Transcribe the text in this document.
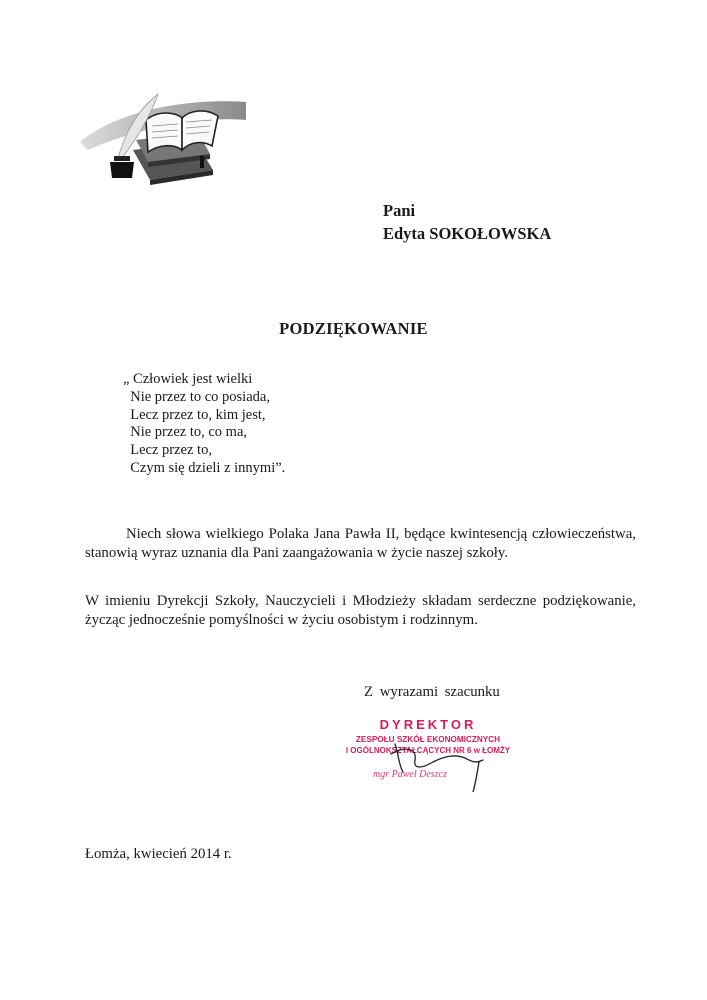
Pani
Edyta SOKOŁOWSKA
PODZIĘKOWANIE
„ Człowiek jest wielki
Nie przez to co posiada,
Lecz przez to, kim jest,
Nie przez to, co ma,
Lecz przez to,
Czym się dzieli z innymi”.

Niech słowa wielkiego Polaka Jana Pawła II, będące kwintesencją człowieczeństwa, stanowią wyraz uznania dla Pani zaangażowania w życie naszej szkoły.

W imieniu Dyrekcji Szkoły, Nauczycieli i Młodzieży składam serdeczne podziękowanie, życząc jednocześnie pomyślności w życiu osobistym i rodzinnym.

Z wyrazami szacunku
DYREKTOR
ZESPOŁU SZKÓŁ EKONOMICZNYCH
I OGÓLNOKSZTAŁCĄCYCH NR 6 w ŁOMŻY
mgr Paweł Deszcz
Łomża, kwiecień 2014 r.
